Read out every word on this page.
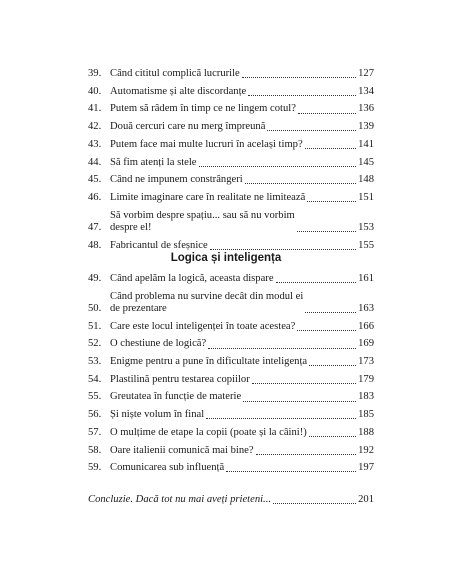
39. Când cititul complică lucrurile	127
40. Automatisme și alte discordanțe	134
41. Putem să râdem în timp ce ne lingem cotul?	136
42. Două cercuri care nu merg împreună	139
43. Putem face mai multe lucruri în același timp?	141
44. Să fim atenți la stele	145
45. Când ne impunem constrângeri	148
46. Limite imaginare care în realitate ne limitează	151
47.
Să vorbim despre spațiu... sau să nu vorbim
despre el!	153
48. Fabricantul de sfeșnice	155
Logica și inteligența
49. Când apelăm la logică, aceasta dispare	161
50.
Când problema nu survine decât din modul ei
de prezentare	163
51. Care este locul inteligenței în toate acestea?	166
52. O chestiune de logică?	169
53. Enigme pentru a pune în dificultate inteligența	173
54. Plastilină pentru testarea copiilor	179
55. Greutatea în funcție de materie	183
56. Și niște volum în final	185
57. O mulțime de etape la copii (poate și la câini!)	188
58. Oare italienii comunică mai bine?	192
59. Comunicarea sub influență	197
Concluzie. Dacă tot nu mai aveți prieteni...	201
